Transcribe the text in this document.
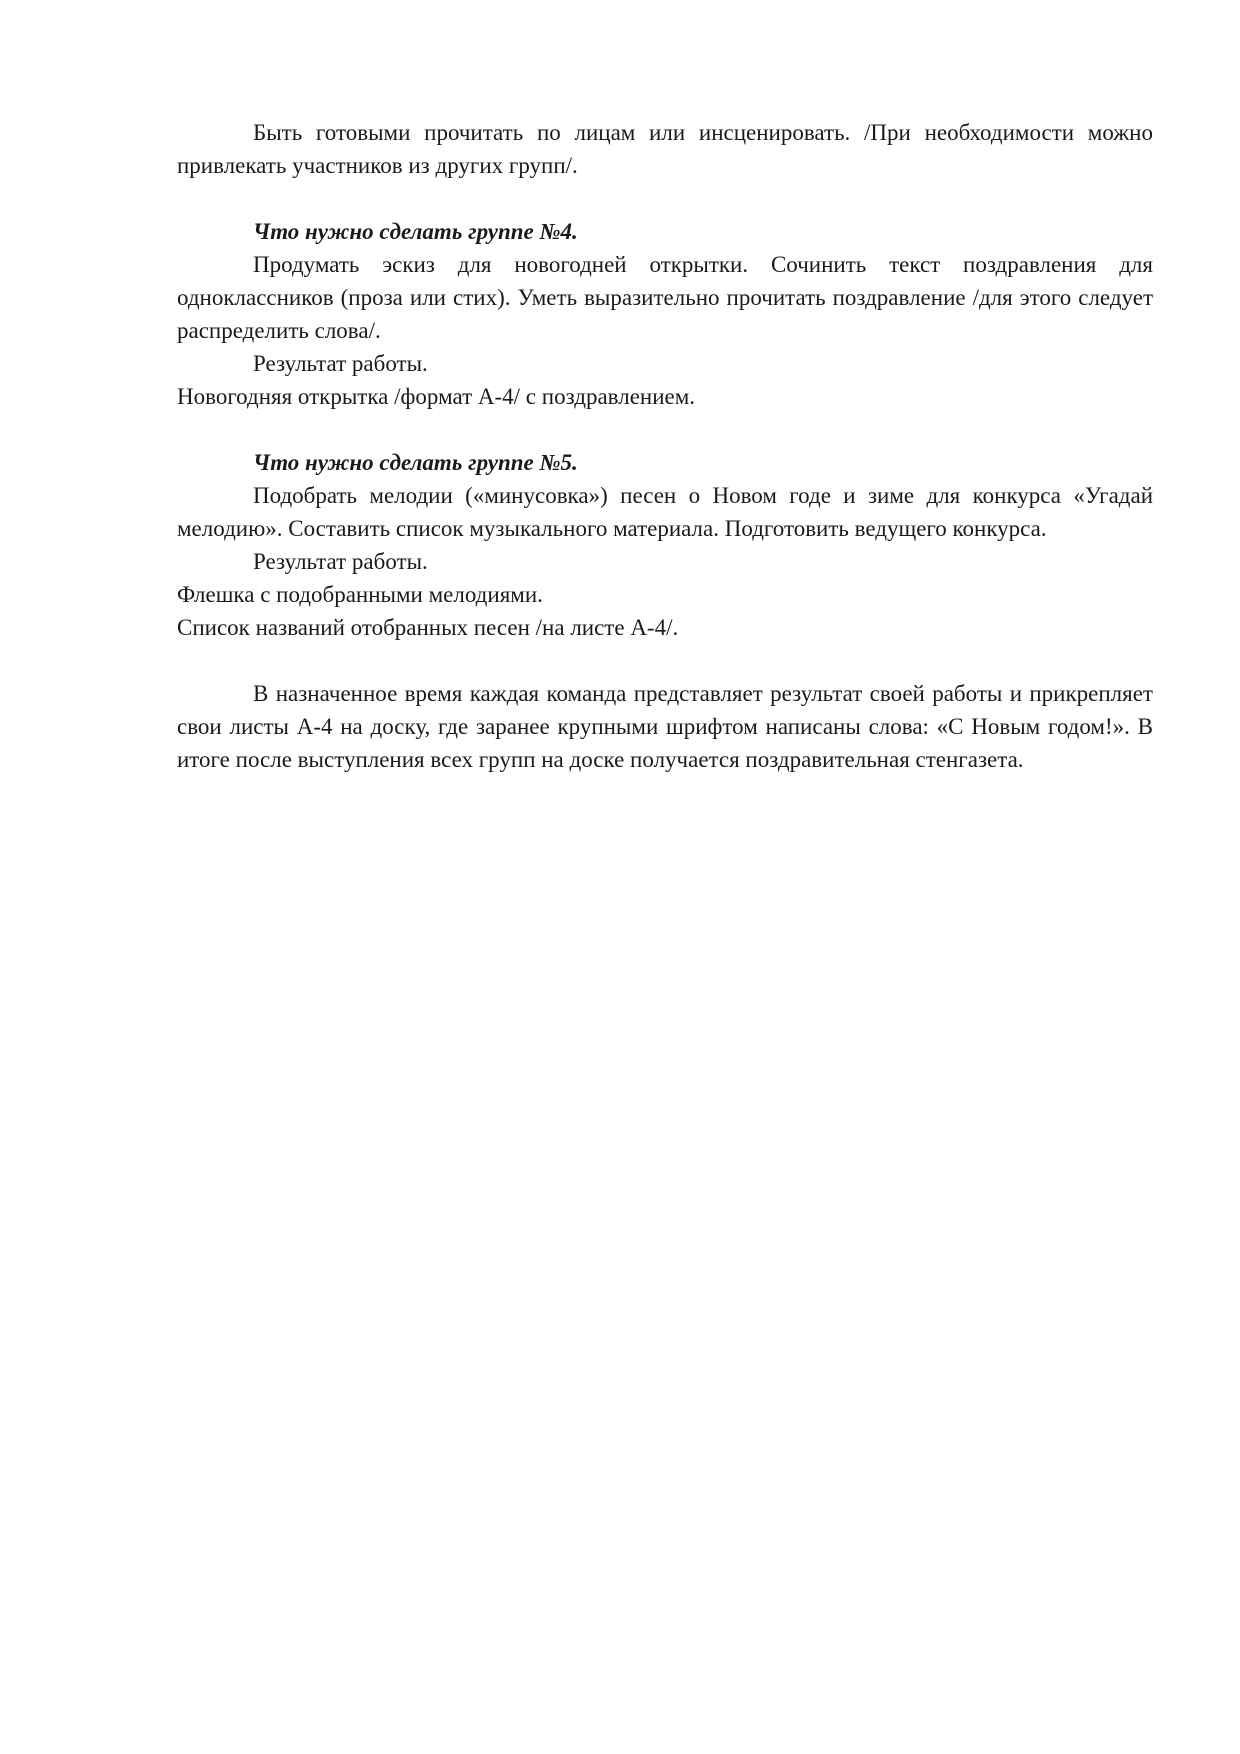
Быть готовыми прочитать по лицам или инсценировать. /При необходимости можно привлекать участников из других групп/.

Что нужно сделать группе №4.

Продумать эскиз для новогодней открытки. Сочинить текст поздравления для одноклассников (проза или стих). Уметь выразительно прочитать поздравление /для этого следует распределить слова/.

Результат работы.

Новогодняя открытка /формат А-4/ с поздравлением.

Что нужно сделать группе №5.

Подобрать мелодии («минусовка») песен о Новом годе и зиме для конкурса «Угадай мелодию». Составить список музыкального материала. Подготовить ведущего конкурса.

Результат работы.

Флешка с подобранными мелодиями.

Список названий отобранных песен /на листе А-4/.

В назначенное время каждая команда представляет результат своей работы и прикрепляет свои листы А-4 на доску, где заранее крупными шрифтом написаны слова: «С Новым годом!». В итоге после выступления всех групп на доске получается поздравительная стенгазета.
